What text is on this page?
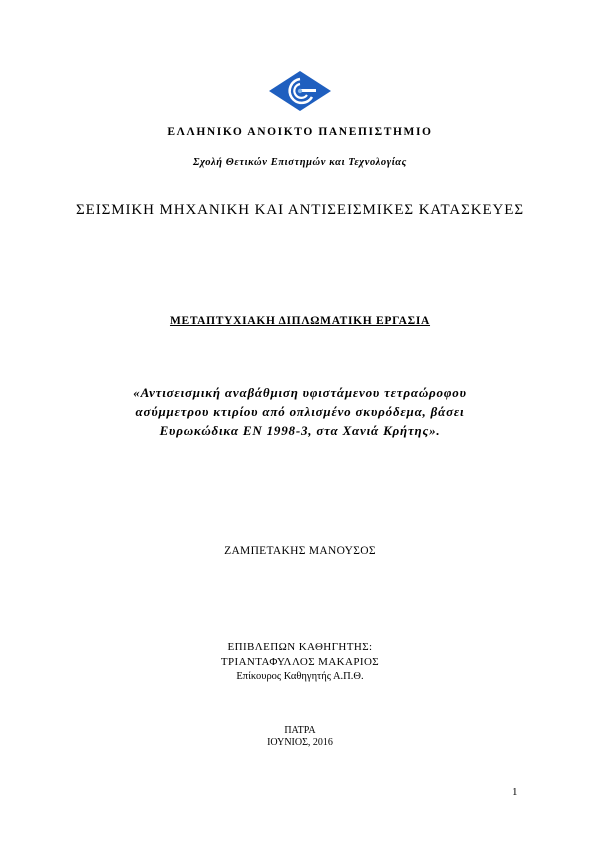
ΕΛΛΗΝΙΚΟ ΑΝΟΙΚΤΟ ΠΑΝΕΠΙΣΤΗΜΙΟ
Σχολή Θετικών Επιστημών και Τεχνολογίας
ΣΕΙΣΜΙΚΗ ΜΗΧΑΝΙΚΗ ΚΑΙ ΑΝΤΙΣΕΙΣΜΙΚΕΣ ΚΑΤΑΣΚΕΥΕΣ
ΜΕΤΑΠΤΥΧΙΑΚΗ ΔΙΠΛΩΜΑΤΙΚΗ ΕΡΓΑΣΙΑ
«Αντισεισμική αναβάθμιση υφιστάμενου τετραώροφου
ασύμμετρου κτιρίου από οπλισμένο σκυρόδεμα, βάσει
Ευρωκώδικα ΕΝ 1998-3, στα Χανιά Κρήτης».
ΖΑΜΠΕΤΑΚΗΣ ΜΑΝΟΥΣΟΣ
ΕΠΙΒΛΕΠΩΝ ΚΑΘΗΓΗΤΗΣ:
ΤΡΙΑΝΤΑΦΥΛΛΟΣ ΜΑΚΑΡΙΟΣ
Επίκουρος Καθηγητής Α.Π.Θ.
ΠΑΤΡΑ
ΙΟΥΝΙΟΣ, 2016
1
